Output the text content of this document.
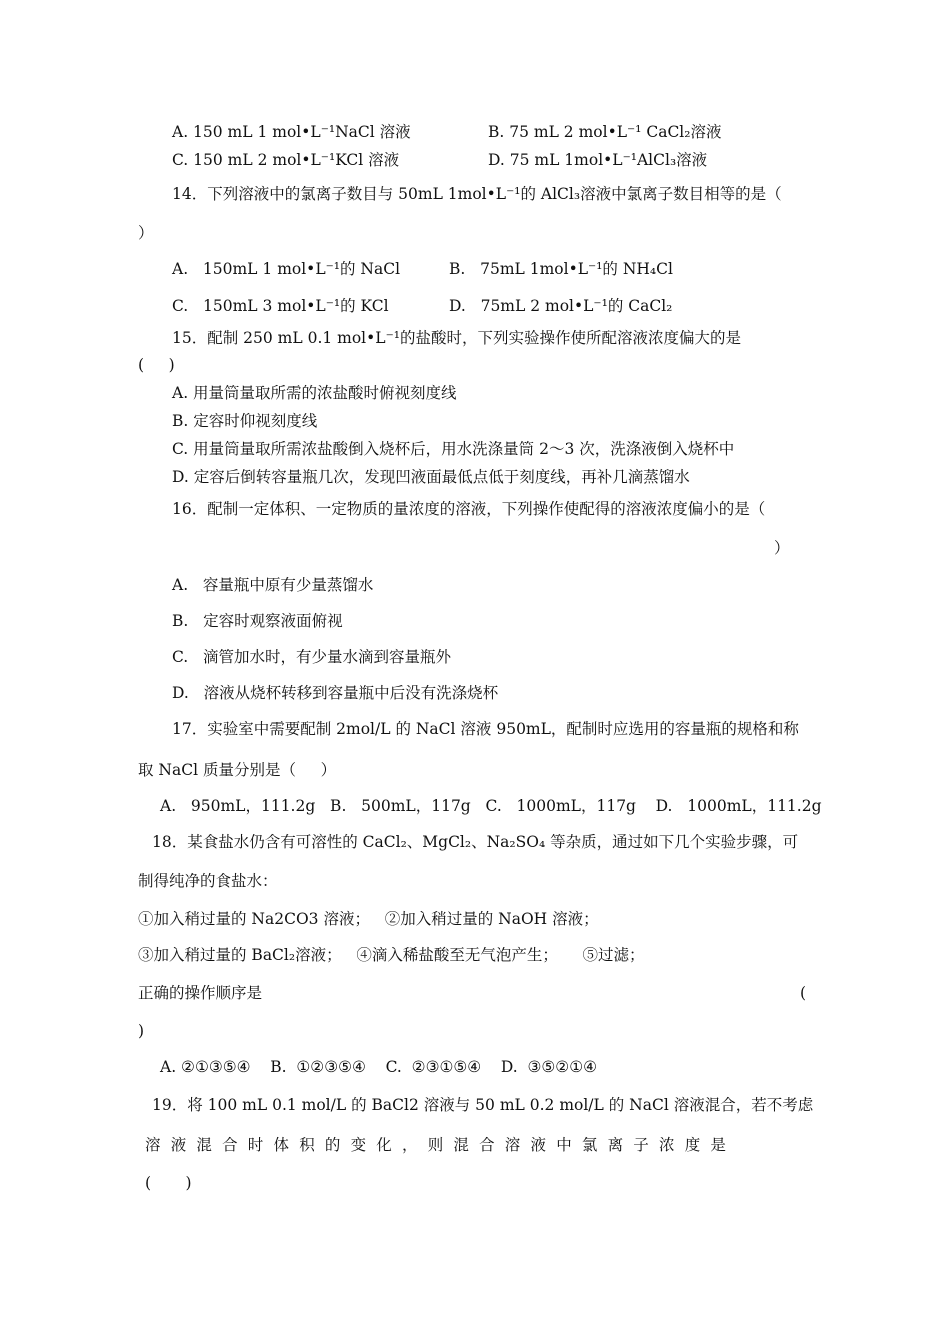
A. 150 mL 1 mol•L⁻¹NaCl 溶液	B. 75 mL 2 mol•L⁻¹ CaCl₂溶液
C. 150 mL 2 mol•L⁻¹KCl 溶液	D. 75 mL 1mol•L⁻¹AlCl₃溶液
14．下列溶液中的氯离子数目与 50mL 1mol•L⁻¹的 AlCl₃溶液中氯离子数目相等的是（
）
A.   150mL 1 mol•L⁻¹的 NaCl	B.   75mL 1mol•L⁻¹的 NH₄Cl
C.   150mL 3 mol•L⁻¹的 KCl	D.   75mL 2 mol•L⁻¹的 CaCl₂
15．配制 250 mL 0.1 mol•L⁻¹的盐酸时，下列实验操作使所配溶液浓度偏大的是
(     )
A. 用量筒量取所需的浓盐酸时俯视刻度线
B. 定容时仰视刻度线
C. 用量筒量取所需浓盐酸倒入烧杯后，用水洗涤量筒 2～3 次，洗涤液倒入烧杯中
D. 定容后倒转容量瓶几次，发现凹液面最低点低于刻度线，再补几滴蒸馏水
16．配制一定体积、一定物质的量浓度的溶液，下列操作使配得的溶液浓度偏小的是（
）
A.   容量瓶中原有少量蒸馏水
B.   定容时观察液面俯视
C.   滴管加水时，有少量水滴到容量瓶外
D.   溶液从烧杯转移到容量瓶中后没有洗涤烧杯
17．实验室中需要配制 2mol/L 的 NaCl 溶液 950mL，配制时应选用的容量瓶的规格和称
取 NaCl 质量分别是（     ）
A.   950mL，111.2g   B.   500mL，117g   C.   1000mL，117g    D.   1000mL，111.2g
18．某食盐水仍含有可溶性的 CaCl₂、MgCl₂、Na₂SO₄ 等杂质，通过如下几个实验步骤，可
制得纯净的食盐水：
①加入稍过量的 Na2CO3 溶液；   ②加入稍过量的 NaOH 溶液；
③加入稍过量的 BaCl₂溶液；   ④滴入稀盐酸至无气泡产生；     ⑤过滤；
正确的操作顺序是	(
)
A. ②①③⑤④    B.  ①②③⑤④    C.  ②③①⑤④    D.  ③⑤②①④
19．将 100 mL 0.1 mol/L 的 BaCl2 溶液与 50 mL 0.2 mol/L 的 NaCl 溶液混合，若不考虑
溶液混合时体积的变化，则混合溶液中氯离子浓度是
(       )
